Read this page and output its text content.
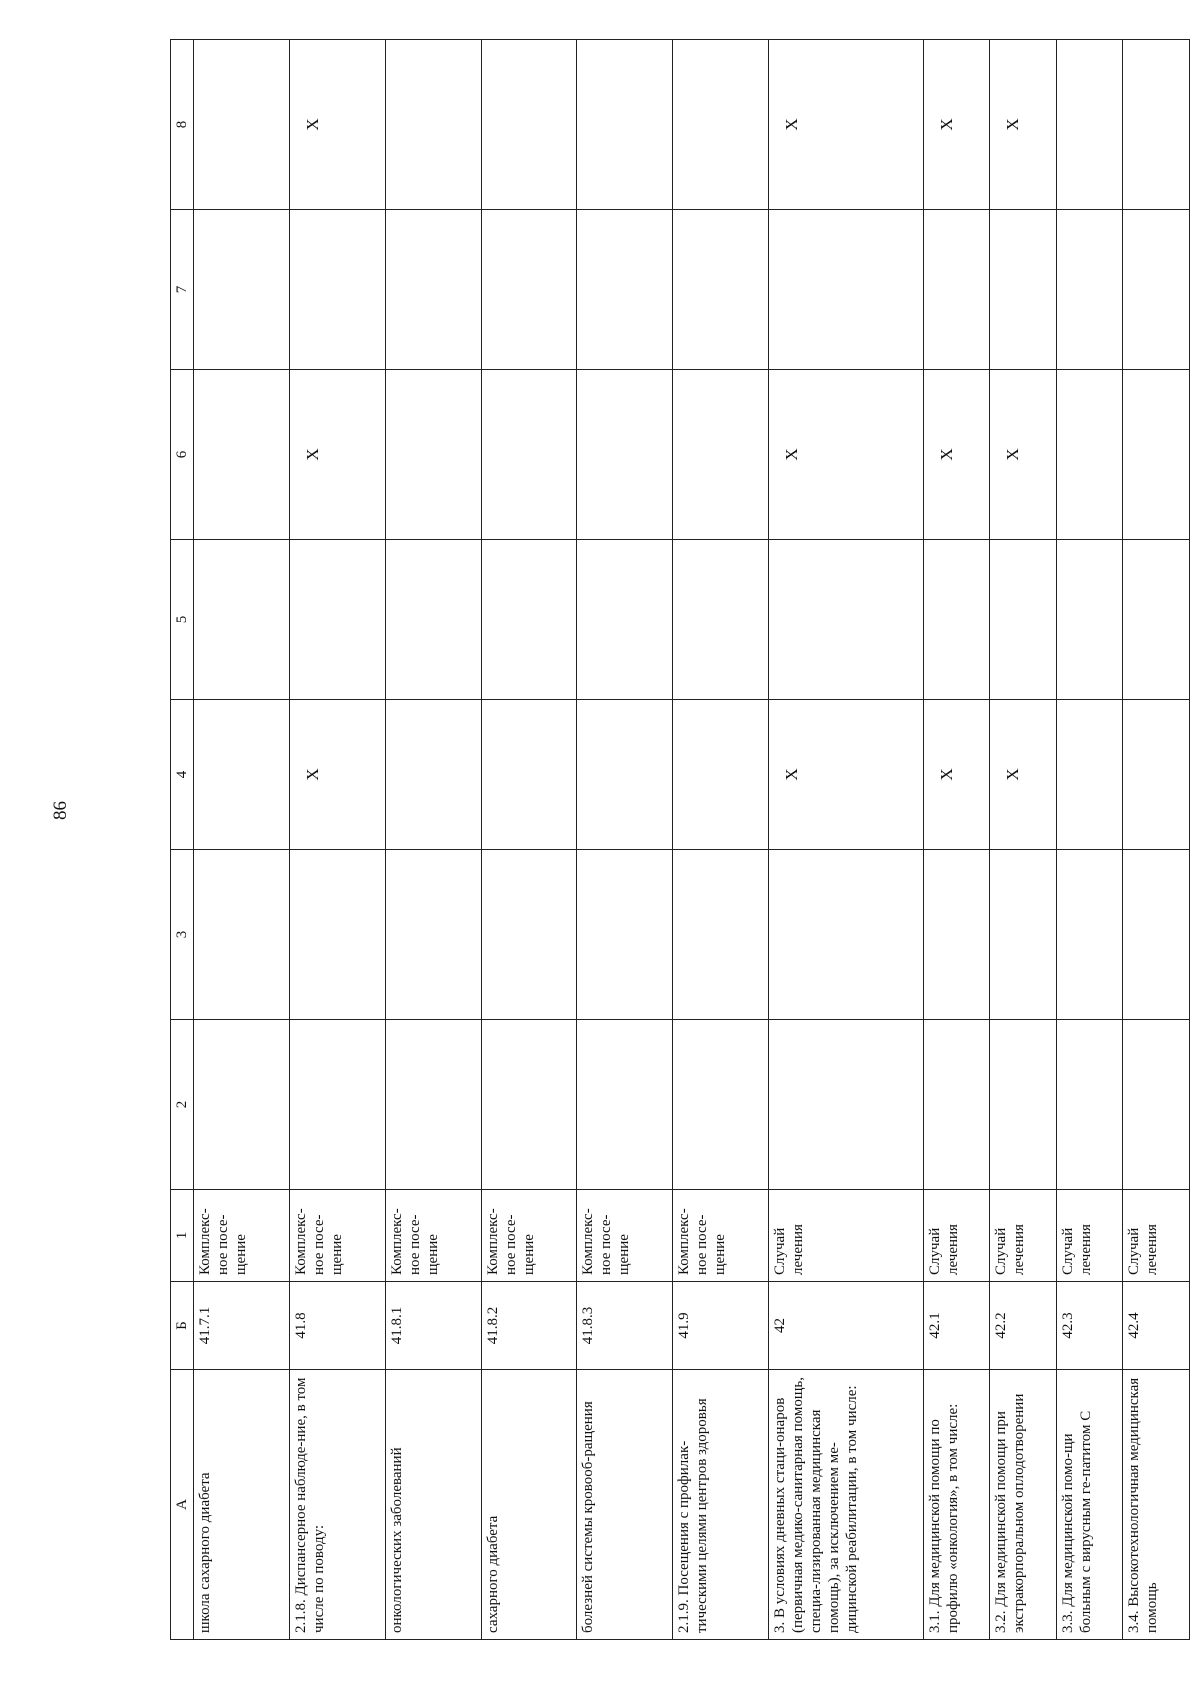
86
А	Б	1	2	3	4	5	6	7	8
школа сахарного диабета	41.7.1	Комплекс-ное посе-щение							
2.1.8. Диспансерное наблюде-ние, в том числе по поводу:	41.8	Комплекс-ное посе-щение			X		X		X
онкологических заболеваний	41.8.1	Комплекс-ное посе-щение							
сахарного диабета	41.8.2	Комплекс-ное посе-щение							
болезней системы кровооб-ращения	41.8.3	Комплекс-ное посе-щение							
2.1.9. Посещения с профилак-тическими целями центров здоровья	41.9	Комплекс-ное посе-щение							
3. В условиях дневных стаци-онаров (первичная медико-санитарная помощь, специа-лизированная медицинская помощь), за исключением ме-дицинской реабилитации, в том числе:	42	Случай лечения			X		X		X
3.1. Для медицинской помощи по профилю «онкология», в том числе:	42.1	Случай лечения			X		X		X
3.2. Для медицинской помощи при экстракорпоральном оплодотворении	42.2	Случай лечения			X		X		X
3.3. Для медицинской помо-щи больным с вирусным ге-патитом С	42.3	Случай лечения							
3.4. Высокотехнологичная медицинская помощь	42.4	Случай лечения							
